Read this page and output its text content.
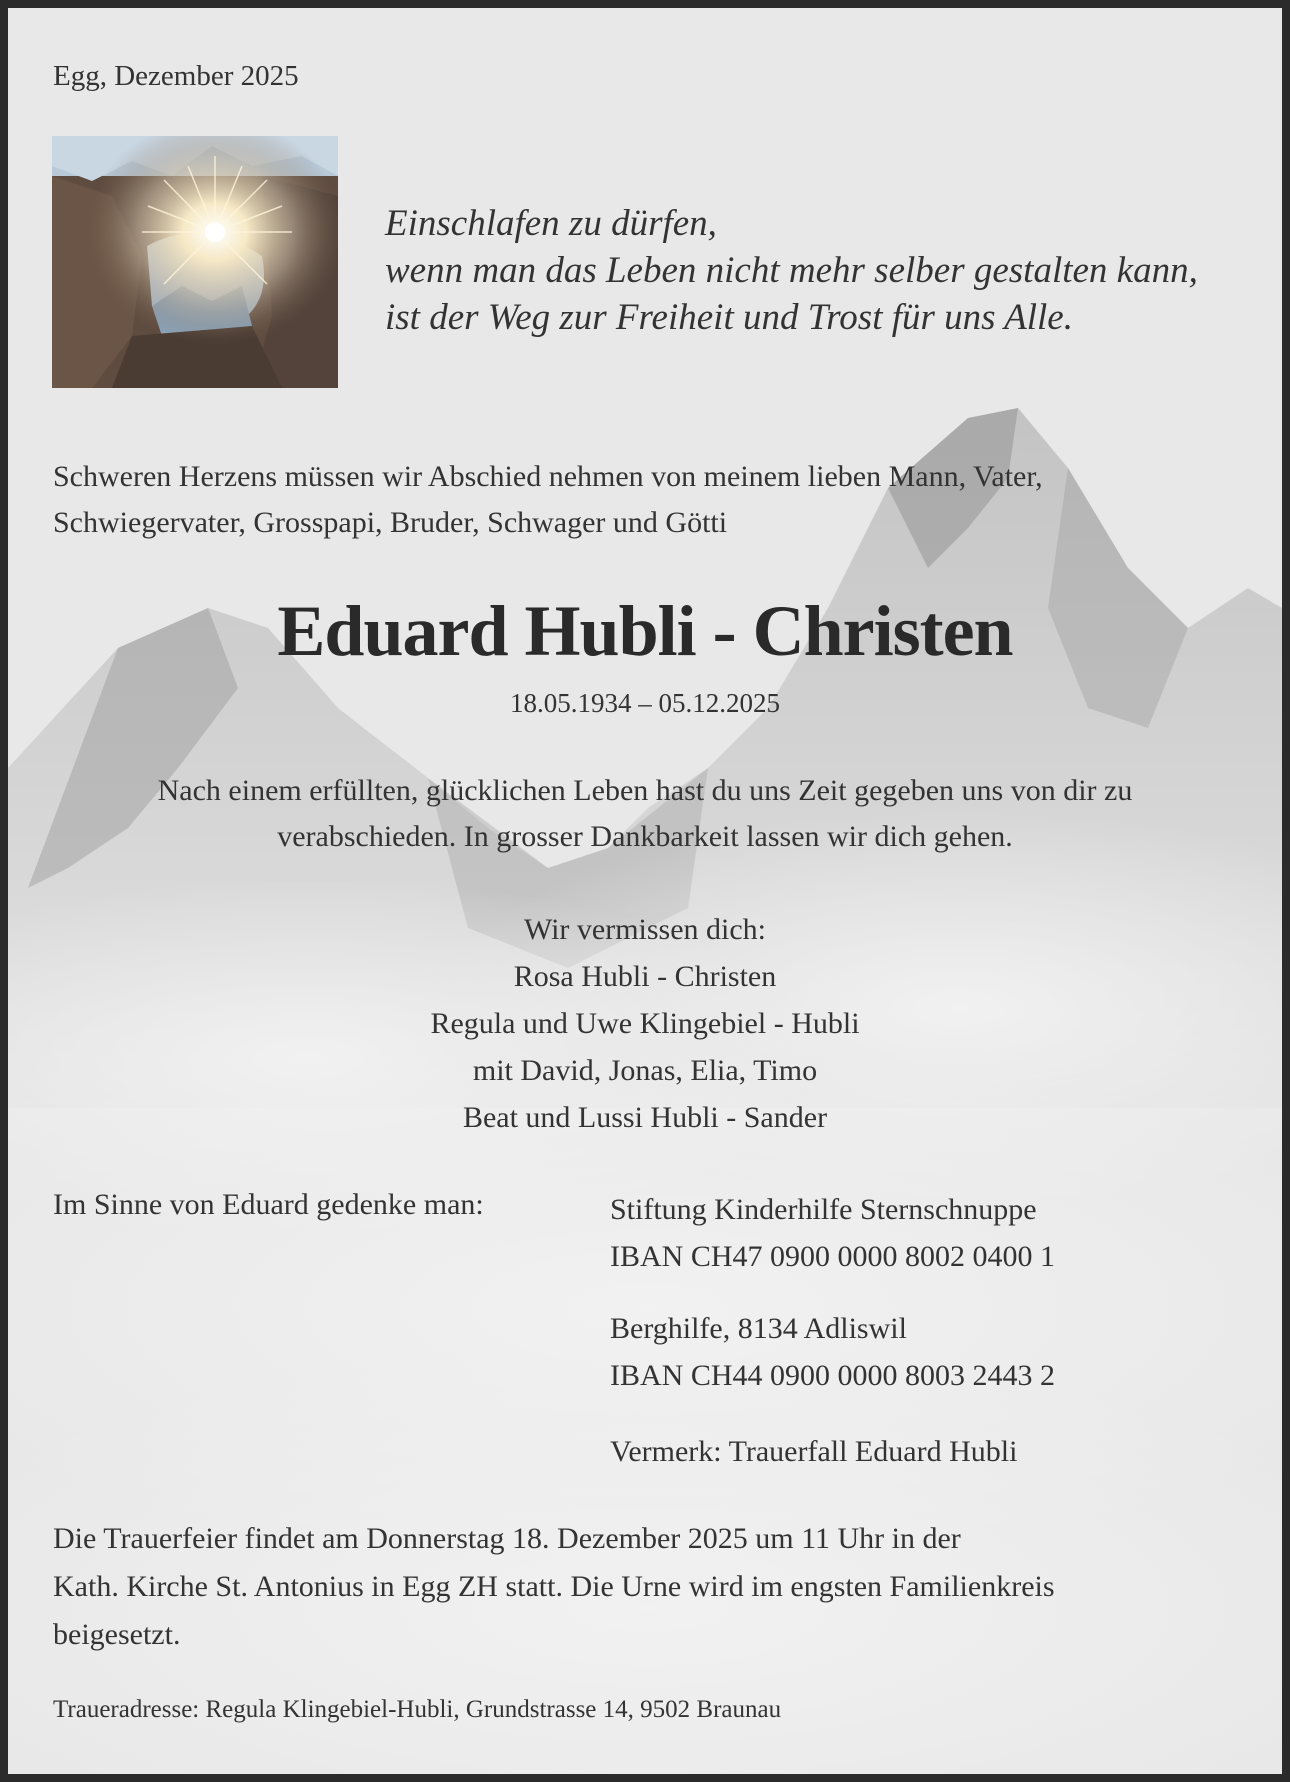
Egg, Dezember 2025
Einschlafen zu dürfen,
wenn man das Leben nicht mehr selber gestalten kann,
ist der Weg zur Freiheit und Trost für uns Alle.
Schweren Herzens müssen wir Abschied nehmen von meinem lieben Mann, Vater,
Schwiegervater, Grosspapi, Bruder, Schwager und Götti
Eduard Hubli - Christen
18.05.1934 – 05.12.2025
Nach einem erfüllten, glücklichen Leben hast du uns Zeit gegeben uns von dir zu
verabschieden. In grosser Dankbarkeit lassen wir dich gehen.
Wir vermissen dich:
Rosa Hubli - Christen
Regula und Uwe Klingebiel - Hubli
mit David, Jonas, Elia, Timo
Beat und Lussi Hubli - Sander
Im Sinne von Eduard gedenke man:	Stiftung Kinderhilfe Sternschnuppe
IBAN CH47 0900 0000 8002 0400 1
Berghilfe, 8134 Adliswil
IBAN CH44 0900 0000 8003 2443 2
Vermerk: Trauerfall Eduard Hubli
Die Trauerfeier findet am Donnerstag 18. Dezember 2025 um 11 Uhr in der
Kath. Kirche St. Antonius in Egg ZH statt. Die Urne wird im engsten Familienkreis
beigesetzt.
Traueradresse: Regula Klingebiel-Hubli, Grundstrasse 14, 9502 Braunau
